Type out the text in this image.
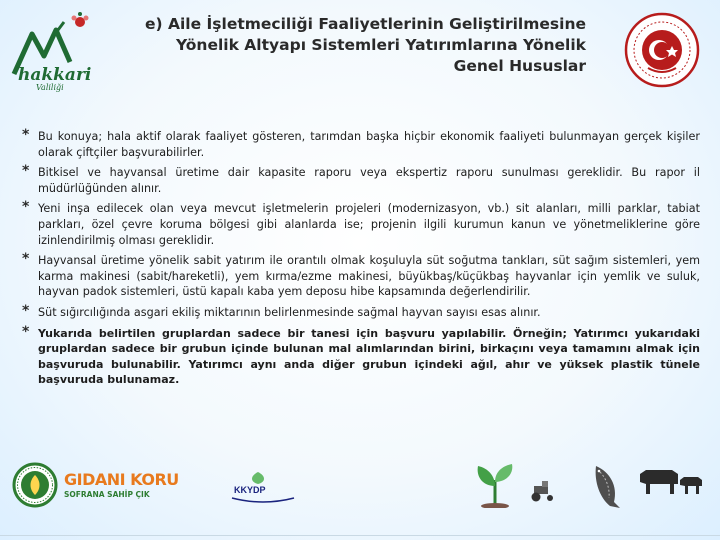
hakkari
Valiliği
e) Aile İşletmeciliği Faaliyetlerinin Geliştirilmesine
Yönelik Altyapı Sistemleri Yatırımlarına Yönelik
Genel Hususlar
* Bu konuya; hala aktif olarak faaliyet gösteren, tarımdan başka hiçbir ekonomik faaliyeti bulunmayan gerçek kişiler olarak çiftçiler başvurabilirler.
* Bitkisel ve hayvansal üretime dair kapasite raporu veya ekspertiz raporu sunulması gereklidir. Bu rapor il müdürlüğünden alınır.
* Yeni inşa edilecek olan veya mevcut işletmelerin projeleri (modernizasyon, vb.) sit alanları, milli parklar, tabiat parkları, özel çevre koruma bölgesi gibi alanlarda ise; projenin ilgili kurumun kanun ve yönetmeliklerine göre izinlendirilmiş olması gereklidir.
* Hayvansal üretime yönelik sabit yatırım ile orantılı olmak koşuluyla süt soğutma tankları, süt sağım sistemleri, yem karma makinesi (sabit/hareketli), yem kırma/ezme makinesi, büyükbaş/küçükbaş hayvanlar için yemlik ve suluk, hayvan padok sistemleri, üstü kapalı kaba yem deposu hibe kapsamında değerlendirilir.
* Süt sığırcılığında asgari ekiliş miktarının belirlenmesinde sağmal hayvan sayısı esas alınır.
* Yukarıda belirtilen gruplardan sadece bir tanesi için başvuru yapılabilir. Örneğin; Yatırımcı yukarıdaki gruplardan sadece bir grubun içinde bulunan mal alımlarından birini, birkaçını veya tamamını almak için başvuruda bulunabilir. Yatırımcı aynı anda diğer grubun içindeki ağıl, ahır ve yüksek plastik tünele başvuruda bulunamaz.
GIDANI KORU
SOFRANA SAHİP ÇIK	KKYDP
